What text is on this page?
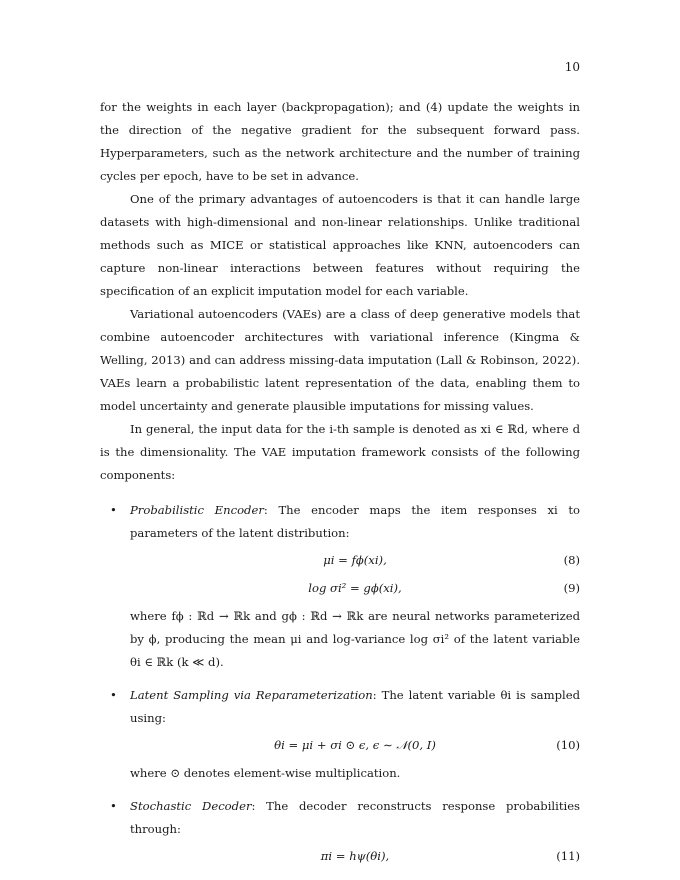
10

for the weights in each layer (backpropagation); and (4) update the weights in the direction of the negative gradient for the subsequent forward pass. Hyperparameters, such as the network architecture and the number of training cycles per epoch, have to be set in advance.

One of the primary advantages of autoencoders is that it can handle large datasets with high-dimensional and non-linear relationships. Unlike traditional methods such as MICE or statistical approaches like KNN, autoencoders can capture non-linear interactions between features without requiring the specification of an explicit imputation model for each variable.

Variational autoencoders (VAEs) are a class of deep generative models that combine autoencoder architectures with variational inference (Kingma & Welling, 2013) and can address missing-data imputation (Lall & Robinson, 2022). VAEs learn a probabilistic latent representation of the data, enabling them to model uncertainty and generate plausible imputations for missing values.

In general, the input data for the i-th sample is denoted as xi ∈ ℝd, where d is the dimensionality. The VAE imputation framework consists of the following components:

• Probabilistic Encoder: The encoder maps the item responses xi to parameters of the latent distribution:

μi = fϕ(xi),	(8)
log σi² = gϕ(xi),	(9)

where fϕ : ℝd → ℝk and gϕ : ℝd → ℝk are neural networks parameterized by ϕ, producing the mean μi and log-variance log σi² of the latent variable θi ∈ ℝk (k ≪ d).

• Latent Sampling via Reparameterization: The latent variable θi is sampled using:

θi = μi + σi ⊙ ϵ, ϵ ∼ 𝒩(0, I)	(10)

where ⊙ denotes element-wise multiplication.

• Stochastic Decoder: The decoder reconstructs response probabilities through:

πi = hψ(θi),	(11)
